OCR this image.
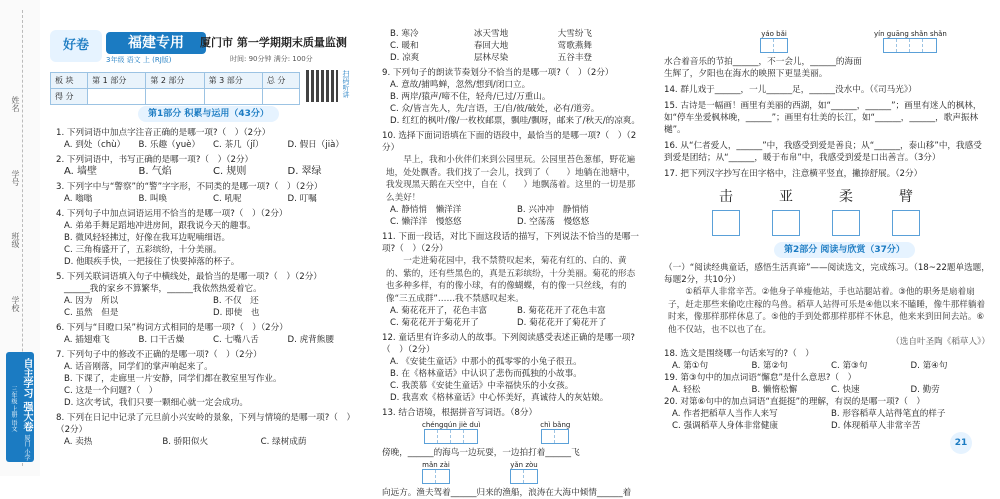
姓名
学号
班级
学校
自主学习 强大卷 厦门 小学 三年级 上册 语文
好卷	福建专用
3年级 语文 上 (RJ版)
厦门市 第一学期期末质量监测
时间: 90分钟 满分: 100分
板 块	第 1 部分	第 2 部分	第 3 部分	总 分
得 分					扫码听讲
第1部分 积累与运用（43分）
1. 下列词语中加点字注音正确的是哪一项?（　）（2分）
A. 到处（chù）	B. 乐趣（yuè）	C. 茶几（jǐ）	D. 假日（jià）
2. 下列词语中，书写正确的是哪一项?（　）（2分）
A. 墙壁	B. 气焰	C. 规则	D. 翠绿
3. 下列字中与“警察”的“警”字字形，不同类的是哪一项?（　）（2分）
A. 嗡嗡	B. 叫唤	C. 吼呢	D. 叮嘱
4. 下列句子中加点词语运用不恰当的是哪一项?（　）（2分）
A. 弟弟手舞足蹈地冲进房间，跟我说今天的趣事。
B. 微风轻轻拂过，好像在我耳边呢喃细语。
C. 三角梅盛开了，五彩缤纷，十分美丽。
D. 他眼疾手快，一把接住了快要掉落的杯子。
5. 下列关联词语填入句子中横线处，最恰当的是哪一项?（　）（2分）
______我的家乡不算繁华，______我依然热爱着它。
A. 因为　所以	B. 不仅　还
C. 虽然　但是	D. 即使　也
6. 下列与“目瞪口呆”构词方式相同的是哪一项?（　）（2分）
A. 插翅难飞	B. 口干舌燥	C. 七嘴八舌	D. 虎背熊腰
7. 下列句子中的修改不正确的是哪一项?（　）（2分）
A. 话音刚落，同学们的掌声响起来了。
B. 下课了，走廊里一片安静，同学们都在教室里写作业。
C. 这是一个问题?（　）
D. 这次考试，我们只要一颗细心就一定会成功。
8. 下列在日记中记录了元旦前小兴安岭的景象，下列与情境的是哪一项?（　）（2分）
A. 卖热	B. 骄阳似火	C. 绿树成荫
B. 寒冷	冰天雪地	大雪纷飞
C. 暖和	春回大地	莺歌燕舞
D. 凉爽	层林尽染	五谷丰登
9. 下列句子的朗读节奏划分不恰当的是哪一项?（　）（2分）
A. 意故/捕鸣蝉，忽然/想到/闭口立。
B. 两岸/猿声/啼不住，轻舟/已过/万重山。
C. 众/皆言先人，先/言语，王/自/彼/破处，必有/道旁。
D. 红红的枫叶/像/一枚枚邮票，飘哇/飘呀，邮来了/秋天/的凉爽。
10. 选择下面词语填在下面的语段中，最恰当的是哪一项?（　）（2分）
早上，我和小伙伴们来到公园里玩。公园里苔色葱郁，野花遍地，处处飘香。我们找了一会儿，找到了（　　）地躺在池塘中，我发现黑天鹅在天空中，自在（　　）地飘荡着。这里的一切是那么美好！
A. 静悄悄　懒洋洋	B. 兴冲冲　静悄悄
C. 懒洋洋　慢悠悠	D. 空荡荡　慢悠悠
11. 下面一段话，对比下面这段话的描写，下列说法不恰当的是哪一项?（　）（2分）
一走进菊花园中，我不禁赞叹起来，菊花有红的、白的、黄的、紫的，还有些黑色的，真是五彩缤纷，十分美丽。菊花的形态也多种多样，有的像小球，有的像蝴蝶，有的像一只丝线，有的像“三五成群”……我不禁感叹起来。
A. 菊花花开了，花色丰富	B. 菊花花开了花色丰富
C. 菊花花开于菊花开了	D. 菊花花开了菊花开了
12. 童话里有许多动人的故事。下列阅读感受表述正确的是哪一项?（　）（2分）
A. 《安徒生童话》中那小的孤零零的小兔子很丑。
B. 在《格林童话》中认识了悲伤而孤独的小故事。
C. 我羡慕《安徒生童话》中幸福快乐的小女孩。
D. 我喜欢《格林童话》中心怀美好，真诚待人的灰姑娘。
13. 结合语境，根据拼音写词语。（8分）
chéngqún jiè duì	chì bǎng
傍晚，______的海鸟一边玩耍，一边拍打着______飞
mǎn zài	yǎn zòu
向远方。渔夫驾着______归来的渔船，浪涛在大海中倾情______着
yáo bǎi	yín guāng shǎn shǎn
水合着音乐的节拍______，不一会儿，______的海面
生辉了，夕阳也在海水的映照下更显美丽。
14. 群儿戏于______，一儿______足，______没水中。（《司马光》）
15. 古诗是一幅画！画里有美丽的西湖，如“______，______”；画里有迷人的枫林，如“停车坐爱枫林晚，______”；画里有壮美的长江，如“______，______，歌声振林樾”。
16. 从“仁者爱人，______”中，我感受到爱是善良；从“______，泰山移”中，我感受到爱是团结；从“______，暖于布帛”中，我感受到爱是口出善言。（3分）
17. 把下列汉字抄写在田字格中，注意横平竖直，撇捺舒展。（2分）
击	亚	柔	臂
第2部分 阅读与欣赏（37分）
（一）“阅读经典童话，感悟生活真谛”——阅读选文，完成练习。（18~22题单选题，每题2分，共10分）
①稻草人非常辛苦。②他身子单瘦他站，手也站腿站着。③他的职务是扇着扇子，赶走那些来偷吃庄稼的鸟兽。稻草人站得可乐是④他以来不瞌睡，像牛那样躺着时来，像那样那样休息了。⑤他的手到处都那样那样不休息，他来来到田间去站。⑥他不仅站，也不以也了在。
（选自叶圣陶《稻草人》）
18. 选文是围绕哪一句话来写的?（　）
A. 第①句	B. 第②句	C. 第③句	D. 第④句
19. 第③句中的加点词语“懈怠”是什么意思?（　）
A. 轻松	B. 懒惰松懈	C. 快速	D. 勤劳
20. 对第⑥句中的加点词语“直挺挺”的理解，有误的是哪一项?（　）
A. 作者把稻草人当作人来写	B. 形容稻草人站得笔直的样子
C. 强调稻草人身体非常健康	D. 体现稻草人非常辛苦
21
